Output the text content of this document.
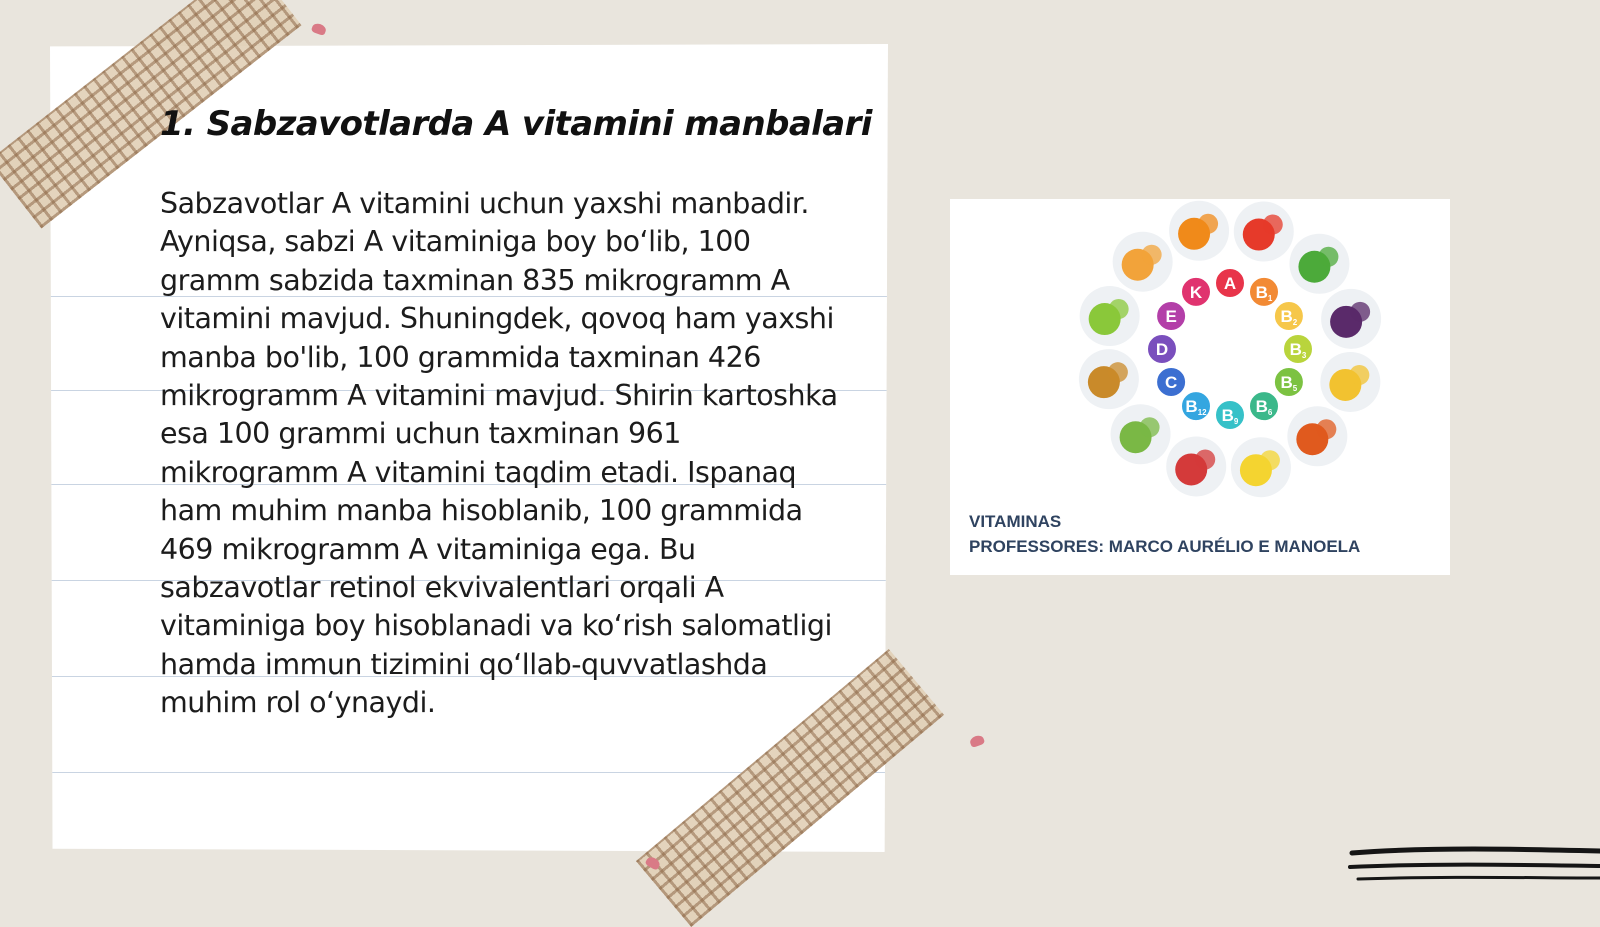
1. Sabzavotlarda A vitamini manbalari

Sabzavotlar A vitamini uchun yaxshi manbadir. Ayniqsa, sabzi A vitaminiga boy bo‘lib, 100 gramm sabzida taxminan 835 mikrogramm A vitamini mavjud. Shuningdek, qovoq ham yaxshi manba bo'lib, 100 grammida taxminan 426 mikrogramm A vitamini mavjud. Shirin kartoshka esa 100 grammi uchun taxminan 961 mikrogramm A vitamini taqdim etadi. Ispanaq ham muhim manba hisoblanib, 100 grammida 469 mikrogramm A vitaminiga ega. Bu sabzavotlar retinol ekvivalentlari orqali A vitaminiga boy hisoblanadi va ko‘rish salomatligi hamda immun tizimini qo‘llab-quvvatlashda muhim rol o‘ynaydi.

A B1
B2
B3
B5
B6
B9
B12
C
D
E
K

VITAMINAS

PROFESSORES: MARCO AURÉLIO E MANOELA
